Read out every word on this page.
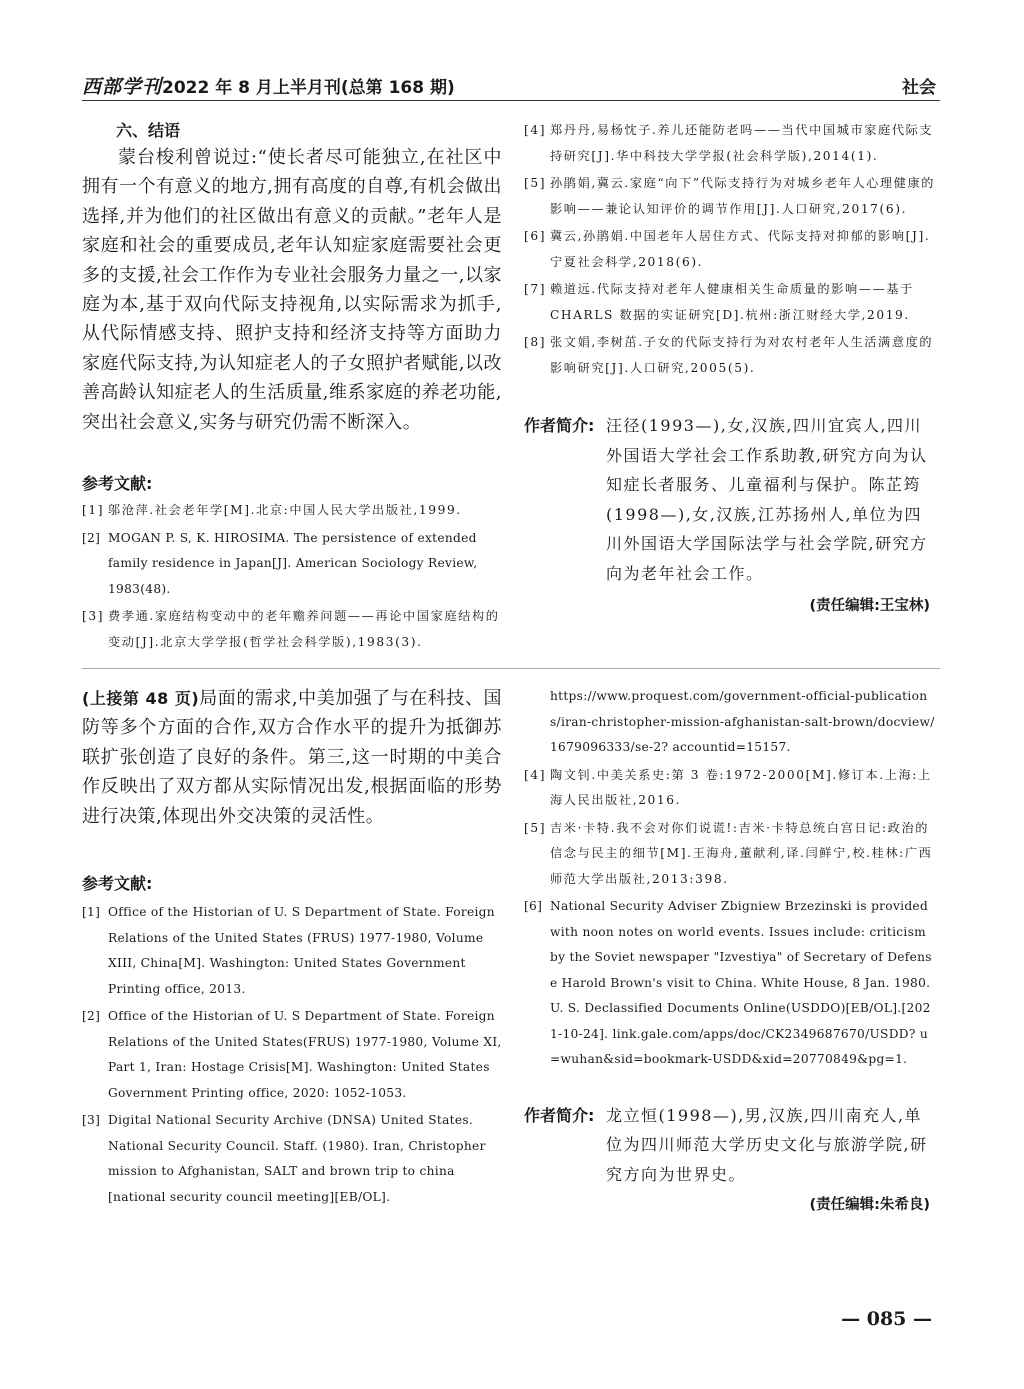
西部学刊 2022 年 8 月上半月刊(总第 168 期)	社会
六、结语

蒙台梭利曾说过:“使长者尽可能独立,在社区中拥有一个有意义的地方,拥有高度的自尊,有机会做出选择,并为他们的社区做出有意义的贡献。”老年人是家庭和社会的重要成员,老年认知症家庭需要社会更多的支援,社会工作作为专业社会服务力量之一,以家庭为本,基于双向代际支持视角,以实际需求为抓手,从代际情感支持、照护支持和经济支持等方面助力家庭代际支持,为认知症老人的子女照护者赋能,以改善高龄认知症老人的生活质量,维系家庭的养老功能,突出社会意义,实务与研究仍需不断深入。

参考文献:
[1] 邬沧萍.社会老年学[M].北京:中国人民大学出版社,1999.
[2] MOGAN P. S, K. HIROSIMA. The persistence of extended family residence in Japan[J]. American Sociology Review, 1983(48).
[3] 费孝通.家庭结构变动中的老年赡养问题——再论中国家庭结构的变动[J].北京大学学报(哲学社会科学版),1983(3).
[4] 郑丹丹,易杨忱子.养儿还能防老吗——当代中国城市家庭代际支持研究[J].华中科技大学学报(社会科学版),2014(1).
[5] 孙鹃娟,冀云.家庭“向下”代际支持行为对城乡老年人心理健康的影响——兼论认知评价的调节作用[J].人口研究,2017(6).
[6] 冀云,孙鹃娟.中国老年人居住方式、代际支持对抑郁的影响[J].宁夏社会科学,2018(6).
[7] 赖道远.代际支持对老年人健康相关生命质量的影响——基于 CHARLS 数据的实证研究[D].杭州:浙江财经大学,2019.
[8] 张文娟,李树茁.子女的代际支持行为对农村老年人生活满意度的影响研究[J].人口研究,2005(5).
作者简介: 汪径(1993—),女,汉族,四川宜宾人,四川外国语大学社会工作系助教,研究方向为认知症长者服务、儿童福利与保护。陈芷筠(1998—),女,汉族,江苏扬州人,单位为四川外国语大学国际法学与社会学院,研究方向为老年社会工作。
(责任编辑:王宝林)

(上接第 48 页)局面的需求,中美加强了与在科技、国防等多个方面的合作,双方合作水平的提升为抵御苏联扩张创造了良好的条件。第三,这一时期的中美合作反映出了双方都从实际情况出发,根据面临的形势进行决策,体现出外交决策的灵活性。

参考文献:
[1] Office of the Historian of U. S Department of State. Foreign Relations of the United States (FRUS) 1977-1980, Volume XIII, China[M]. Washington: United States Government Printing office, 2013.
[2] Office of the Historian of U. S Department of State. Foreign Relations of the United States(FRUS) 1977-1980, Volume XI, Part 1, Iran: Hostage Crisis[M]. Washington: United States Government Printing office, 2020: 1052-1053.
[3] Digital National Security Archive (DNSA) United States. National Security Council. Staff. (1980). Iran, Christopher mission to Afghanistan, SALT and brown trip to china [national security council meeting][EB/OL].
https://www.proquest.com/government-official-publications/iran-christopher-mission-afghanistan-salt-brown/docview/1679096333/se-2? accountid=15157.
[4] 陶文钊.中美关系史:第 3 卷:1972-2000[M].修订本.上海:上海人民出版社,2016.
[5] 吉米·卡特.我不会对你们说谎!:吉米·卡特总统白宫日记:政治的信念与民主的细节[M].王海舟,董献利,译.闫鲜宁,校.桂林:广西师范大学出版社,2013:398.
[6] National Security Adviser Zbigniew Brzezinski is provided with noon notes on world events. Issues include: criticism by the Soviet newspaper "Izvestiya" of Secretary of Defense Harold Brown's visit to China. White House, 8 Jan. 1980. U. S. Declassified Documents Online(USDDO)[EB/OL].[2021-10-24]. link.gale.com/apps/doc/CK2349687670/USDD? u=wuhan&sid=bookmark-USDD&xid=20770849&pg=1.
作者简介: 龙立恒(1998—),男,汉族,四川南充人,单位为四川师范大学历史文化与旅游学院,研究方向为世界史。
(责任编辑:朱希良)
— 085 —
